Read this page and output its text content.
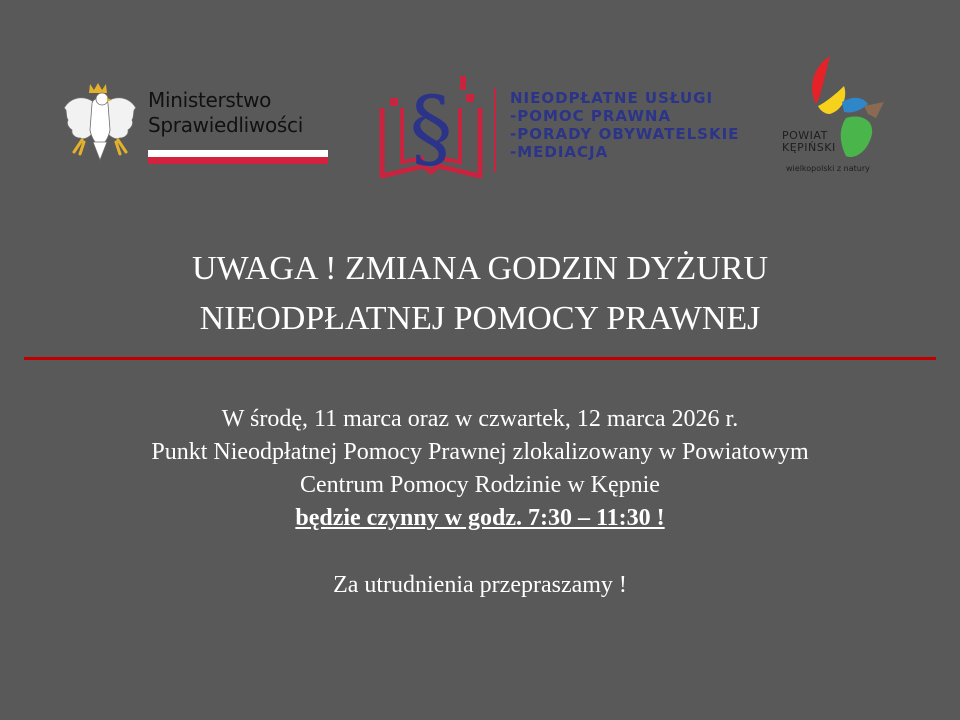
Ministerstwo
Sprawiedliwości §	NIEODPŁATNE USŁUGI
-POMOC PRAWNA
-PORADY OBYWATELSKIE
-MEDIACJA
POWIAT
KĘPIŃSKI
wielkopolski z natury
UWAGA ! ZMIANA GODZIN DYŻURU
NIEODPŁATNEJ POMOCY PRAWNEJ
W środę, 11 marca oraz w czwartek, 12 marca 2026 r.
Punkt Nieodpłatnej Pomocy Prawnej zlokalizowany w Powiatowym
Centrum Pomocy Rodzinie w Kępnie
będzie czynny w godz. 7:30 – 11:30 !
Za utrudnienia przepraszamy !
